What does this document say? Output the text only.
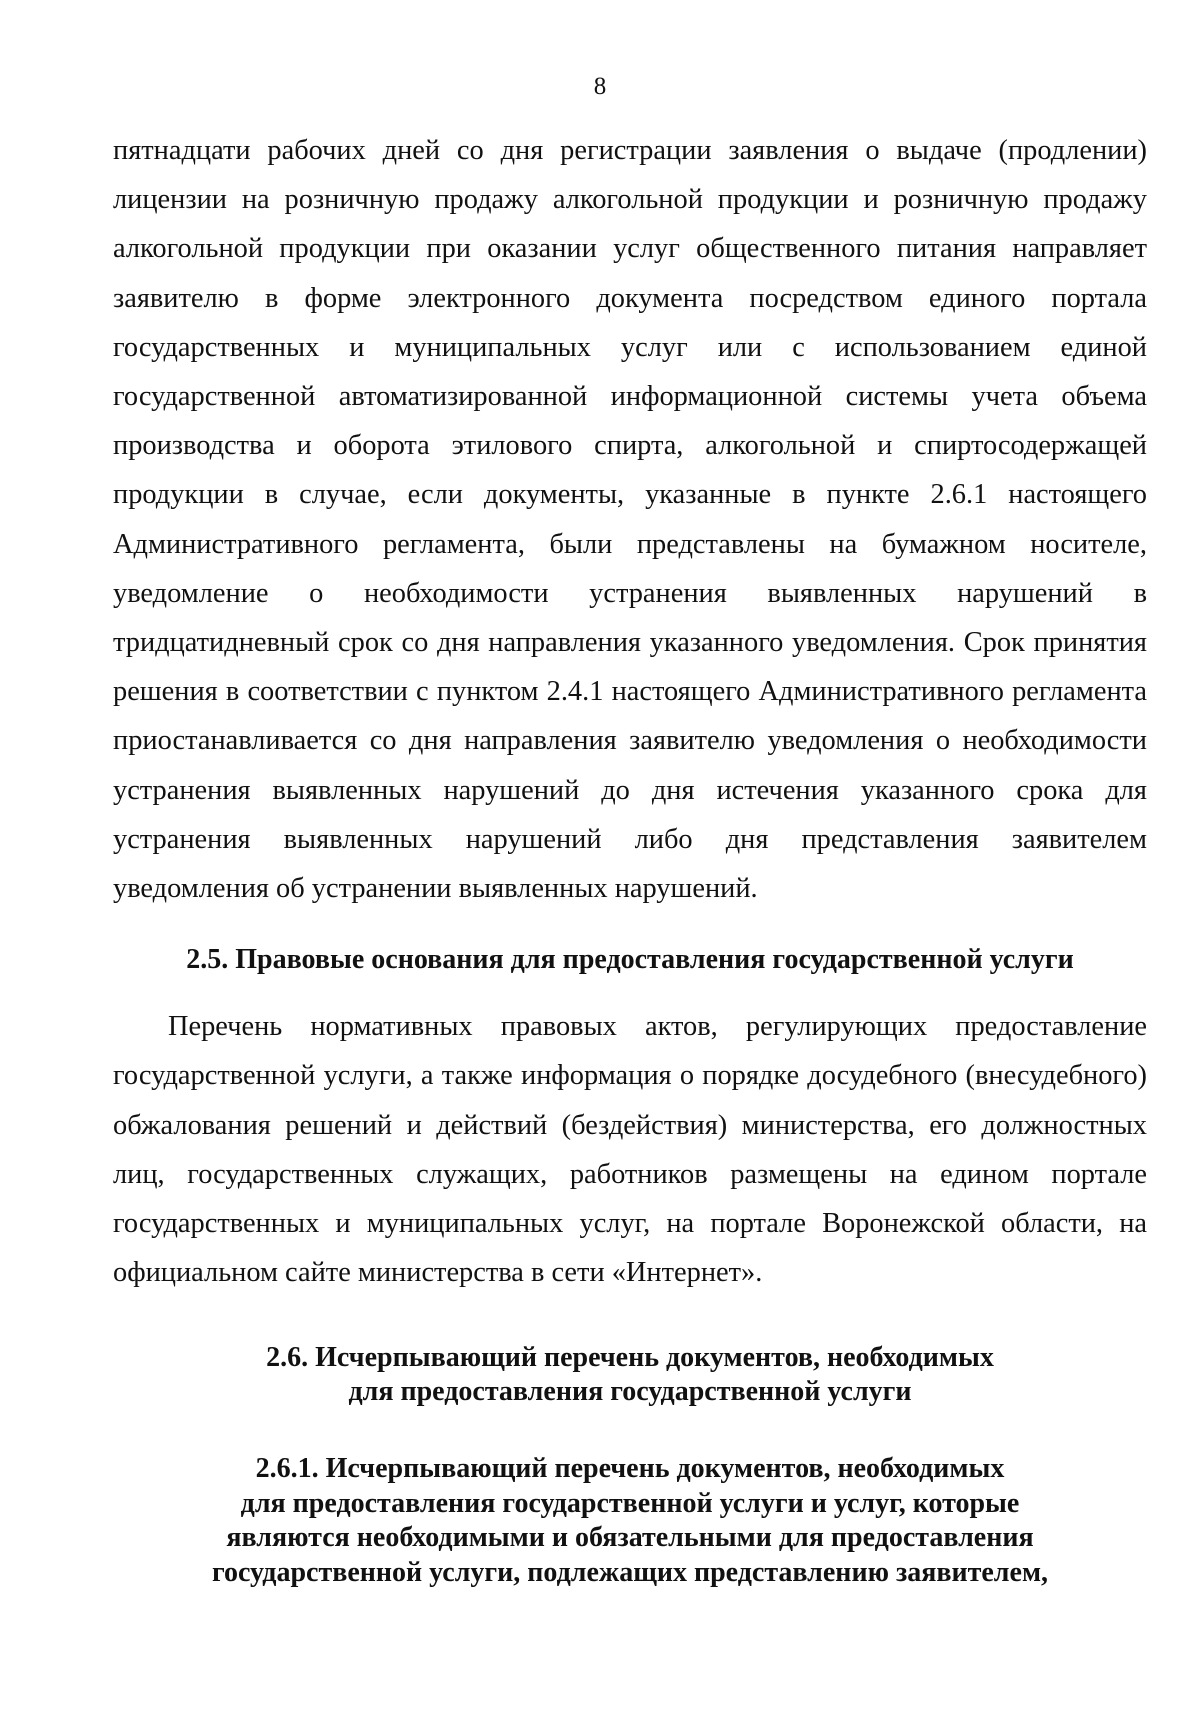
8

пятнадцати рабочих дней со дня регистрации заявления о выдаче (продлении) лицензии на розничную продажу алкогольной продукции и розничную продажу алкогольной продукции при оказании услуг общественного питания направляет заявителю в форме электронного документа посредством единого портала государственных и муниципальных услуг или с использованием единой государственной автоматизированной информационной системы учета объема производства и оборота этилового спирта, алкогольной и спиртосодержащей продукции в случае, если документы, указанные в пункте 2.6.1 настоящего Административного регламента, были представлены на бумажном носителе, уведомление о необходимости устранения выявленных нарушений в тридцатидневный срок со дня направления указанного уведомления. Срок принятия решения в соответствии с пунктом 2.4.1 настоящего Административного регламента приостанавливается со дня направления заявителю уведомления о необходимости устранения выявленных нарушений до дня истечения указанного срока для устранения выявленных нарушений либо дня представления заявителем уведомления об устранении выявленных нарушений.

2.5. Правовые основания для предоставления государственной услуги

Перечень нормативных правовых актов, регулирующих предоставление государственной услуги, а также информация о порядке досудебного (внесудебного) обжалования решений и действий (бездействия) министерства, его должностных лиц, государственных служащих, работников размещены на едином портале государственных и муниципальных услуг, на портале Воронежской области, на официальном сайте министерства в сети «Интернет».

2.6. Исчерпывающий перечень документов, необходимых
для предоставления государственной услуги
2.6.1. Исчерпывающий перечень документов, необходимых
для предоставления государственной услуги и услуг, которые
являются необходимыми и обязательными для предоставления
государственной услуги, подлежащих представлению заявителем,
